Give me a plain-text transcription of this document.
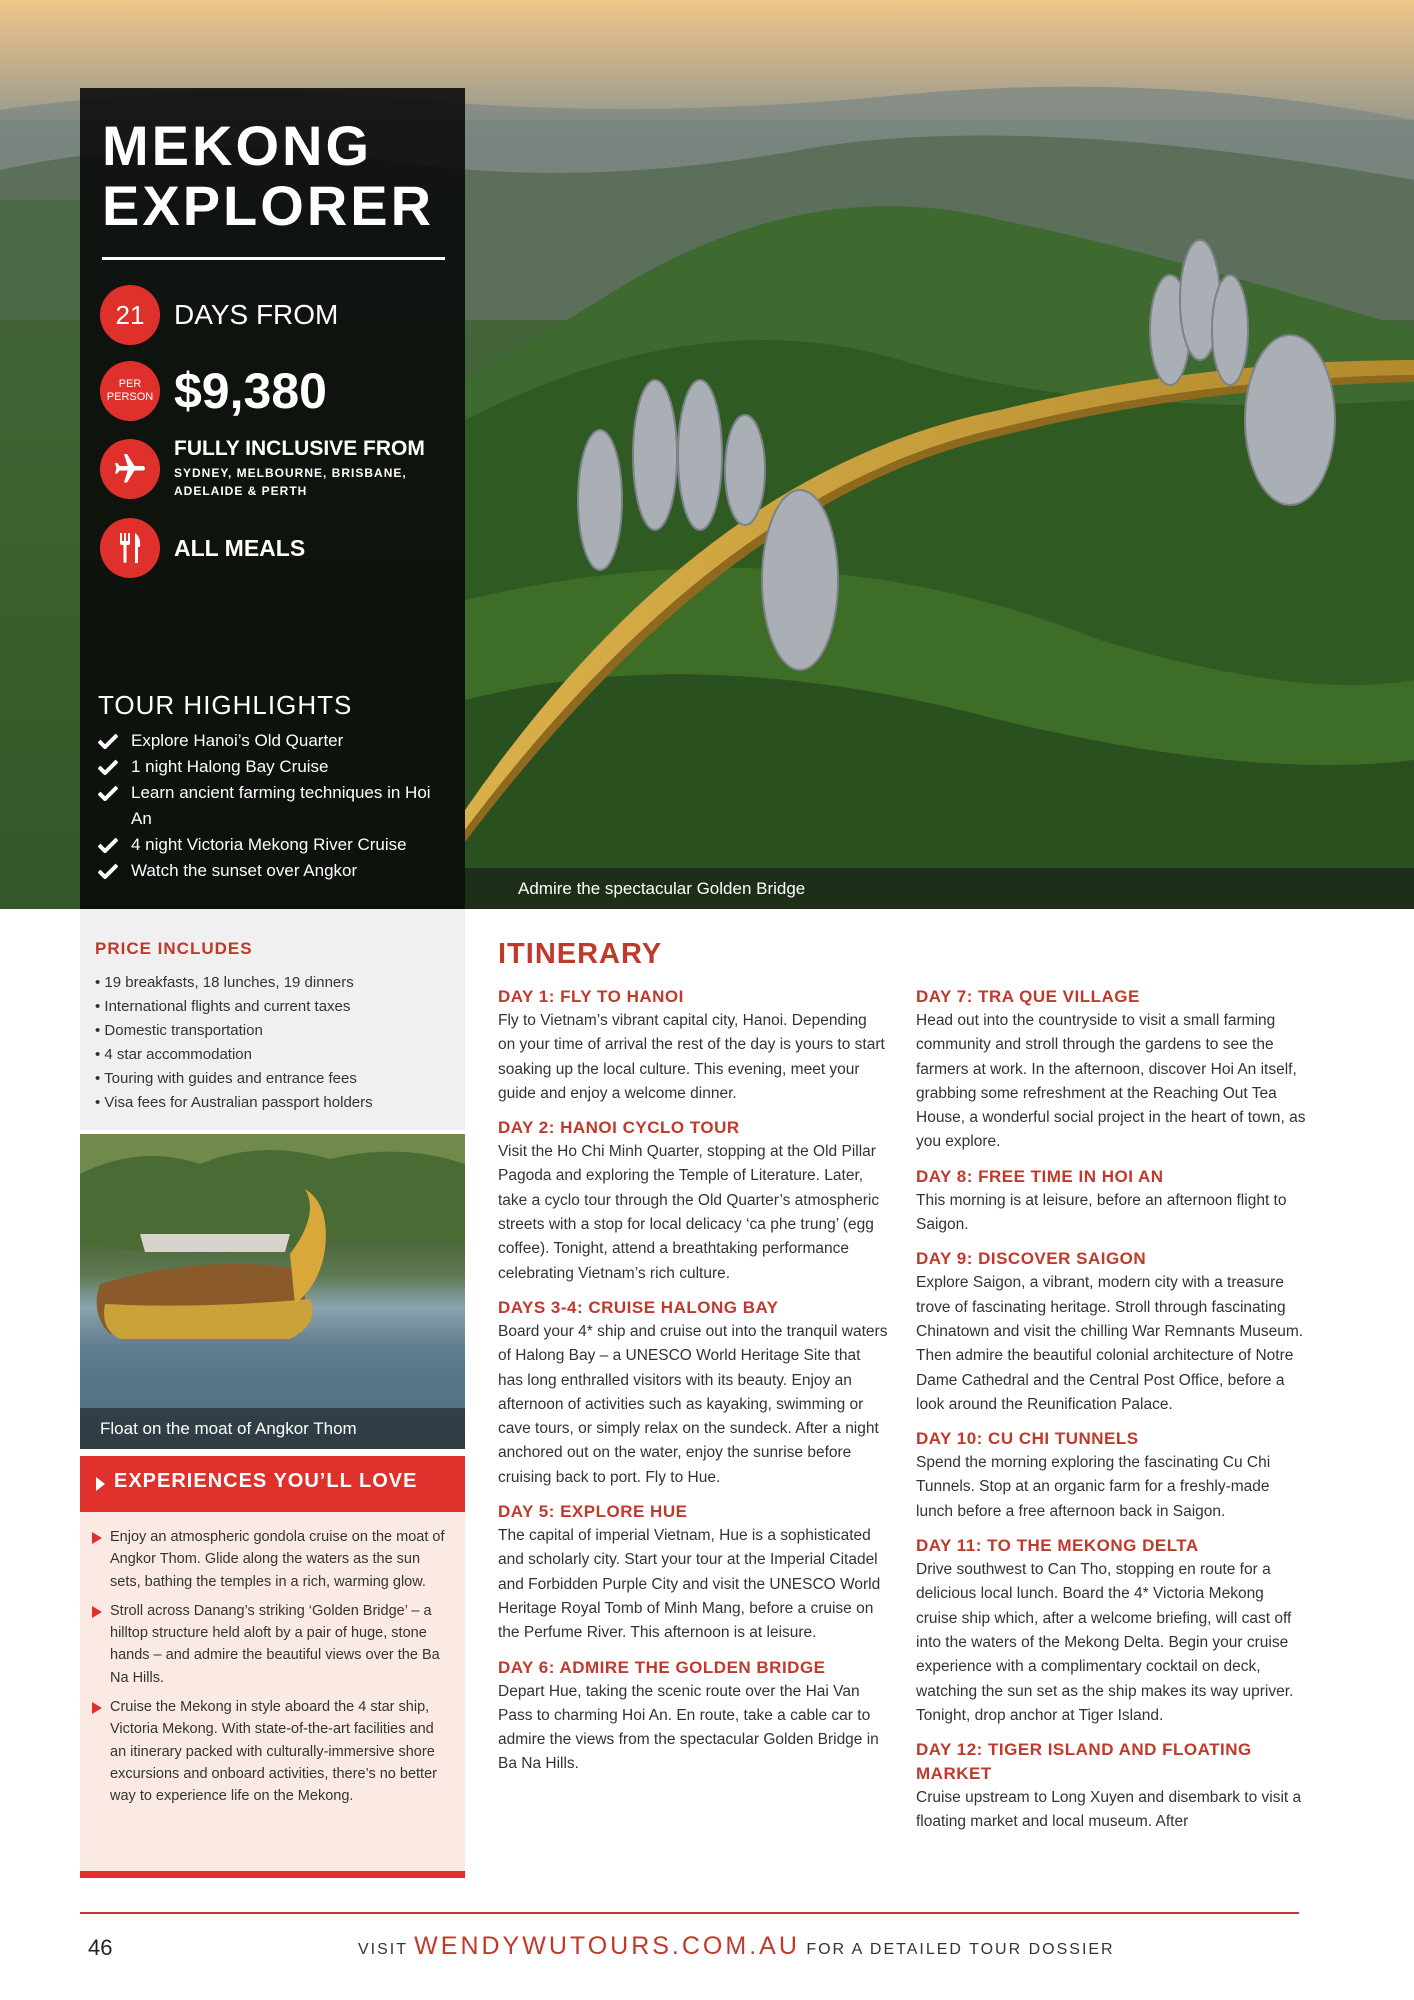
Admire the spectacular Golden Bridge
MEKONG
EXPLORER
21	DAYS FROM
PER
PERSON $9,380
FULLY INCLUSIVE FROM
SYDNEY, MELBOURNE, BRISBANE,
ADELAIDE & PERTH
ALL MEALS
TOUR HIGHLIGHTS
Explore Hanoi’s Old Quarter
1 night Halong Bay Cruise
Learn ancient farming techniques in Hoi An
4 night Victoria Mekong River Cruise
Watch the sunset over Angkor
PRICE INCLUDES
• 19 breakfasts, 18 lunches, 19 dinners
• International flights and current taxes
• Domestic transportation
• 4 star accommodation
• Touring with guides and entrance fees
• Visa fees for Australian passport holders
Float on the moat of Angkor Thom
EXPERIENCES YOU’LL LOVE
Enjoy an atmospheric gondola cruise on the moat of Angkor Thom. Glide along the waters as the sun sets, bathing the temples in a rich, warming glow.
Stroll across Danang’s striking ‘Golden Bridge’ – a hilltop structure held aloft by a pair of huge, stone hands – and admire the beautiful views over the Ba Na Hills.
Cruise the Mekong in style aboard the 4 star ship, Victoria Mekong. With state-of-the-art facilities and an itinerary packed with culturally-immersive shore excursions and onboard activities, there’s no better way to experience life on the Mekong.
ITINERARY
DAY 1: FLY TO HANOI

Fly to Vietnam’s vibrant capital city, Hanoi. Depending on your time of arrival the rest of the day is yours to start soaking up the local culture. This evening, meet your guide and enjoy a welcome dinner.

DAY 2: HANOI CYCLO TOUR

Visit the Ho Chi Minh Quarter, stopping at the Old Pillar Pagoda and exploring the Temple of Literature. Later, take a cyclo tour through the Old Quarter’s atmospheric streets with a stop for local delicacy ‘ca phe trung’ (egg coffee). Tonight, attend a breathtaking performance celebrating Vietnam’s rich culture.

DAYS 3-4: CRUISE HALONG BAY

Board your 4* ship and cruise out into the tranquil waters of Halong Bay – a UNESCO World Heritage Site that has long enthralled visitors with its beauty. Enjoy an afternoon of activities such as kayaking, swimming or cave tours, or simply relax on the sundeck. After a night anchored out on the water, enjoy the sunrise before cruising back to port. Fly to Hue.

DAY 5: EXPLORE HUE

The capital of imperial Vietnam, Hue is a sophisticated and scholarly city. Start your tour at the Imperial Citadel and Forbidden Purple City and visit the UNESCO World Heritage Royal Tomb of Minh Mang, before a cruise on the Perfume River. This afternoon is at leisure.

DAY 6: ADMIRE THE GOLDEN BRIDGE

Depart Hue, taking the scenic route over the Hai Van Pass to charming Hoi An. En route, take a cable car to admire the views from the spectacular Golden Bridge in Ba Na Hills.

DAY 7: TRA QUE VILLAGE

Head out into the countryside to visit a small farming community and stroll through the gardens to see the farmers at work. In the afternoon, discover Hoi An itself, grabbing some refreshment at the Reaching Out Tea House, a wonderful social project in the heart of town, as you explore.

DAY 8: FREE TIME IN HOI AN

This morning is at leisure, before an afternoon flight to Saigon.

DAY 9: DISCOVER SAIGON

Explore Saigon, a vibrant, modern city with a treasure trove of fascinating heritage. Stroll through fascinating Chinatown and visit the chilling War Remnants Museum. Then admire the beautiful colonial architecture of Notre Dame Cathedral and the Central Post Office, before a look around the Reunification Palace.

DAY 10: CU CHI TUNNELS

Spend the morning exploring the fascinating Cu Chi Tunnels. Stop at an organic farm for a freshly-made lunch before a free afternoon back in Saigon.

DAY 11: TO THE MEKONG DELTA

Drive southwest to Can Tho, stopping en route for a delicious local lunch. Board the 4* Victoria Mekong cruise ship which, after a welcome briefing, will cast off into the waters of the Mekong Delta. Begin your cruise experience with a complimentary cocktail on deck, watching the sun set as the ship makes its way upriver. Tonight, drop anchor at Tiger Island.

DAY 12: TIGER ISLAND AND FLOATING MARKET

Cruise upstream to Long Xuyen and disembark to visit a floating market and local museum. After

46	VISIT WENDYWUTOURS.COM.AU FOR A DETAILED TOUR DOSSIER
